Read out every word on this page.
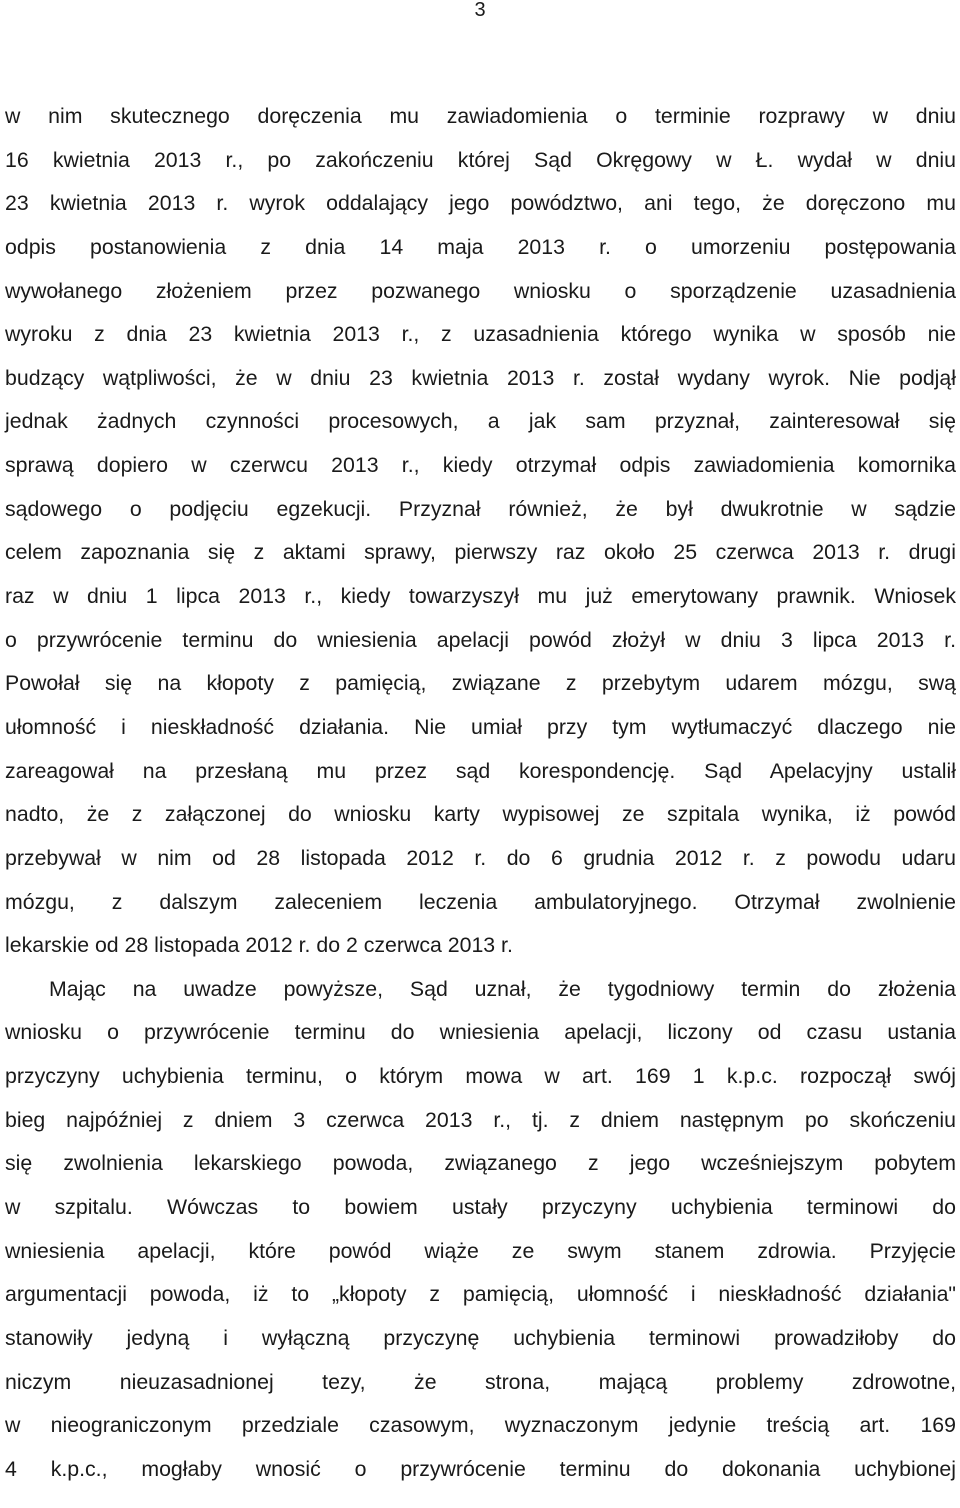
3
w nim skutecznego doręczenia mu zawiadomienia o terminie rozprawy w dniu
16 kwietnia 2013 r., po zakończeniu której Sąd Okręgowy w Ł. wydał w dniu
23 kwietnia 2013 r. wyrok oddalający jego powództwo, ani tego, że doręczono mu
odpis postanowienia z dnia 14 maja 2013 r. o umorzeniu postępowania
wywołanego złożeniem przez pozwanego wniosku o sporządzenie uzasadnienia
wyroku z dnia 23 kwietnia 2013 r., z uzasadnienia którego wynika w sposób nie
budzący wątpliwości, że w dniu 23 kwietnia 2013 r. został wydany wyrok. Nie podjął
jednak żadnych czynności procesowych, a jak sam przyznał, zainteresował się
sprawą dopiero w czerwcu 2013 r., kiedy otrzymał odpis zawiadomienia komornika
sądowego o podjęciu egzekucji. Przyznał również, że był dwukrotnie w sądzie
celem zapoznania się z aktami sprawy, pierwszy raz około 25 czerwca 2013 r. drugi
raz w dniu 1 lipca 2013 r., kiedy towarzyszył mu już emerytowany prawnik. Wniosek
o przywrócenie terminu do wniesienia apelacji powód złożył w dniu 3 lipca 2013 r.
Powołał się na kłopoty z pamięcią, związane z przebytym udarem mózgu, swą
ułomność i nieskładność działania. Nie umiał przy tym wytłumaczyć dlaczego nie
zareagował na przesłaną mu przez sąd korespondencję. Sąd Apelacyjny ustalił
nadto, że z załączonej do wniosku karty wypisowej ze szpitala wynika, iż powód
przebywał w nim od 28 listopada 2012 r. do 6 grudnia 2012 r. z powodu udaru
mózgu, z dalszym zaleceniem leczenia ambulatoryjnego. Otrzymał zwolnienie
lekarskie od 28 listopada 2012 r. do 2 czerwca 2013 r.
Mając na uwadze powyższe, Sąd uznał, że tygodniowy termin do złożenia
wniosku o przywrócenie terminu do wniesienia apelacji, liczony od czasu ustania
przyczyny uchybienia terminu, o którym mowa w art. 169 1 k.p.c. rozpoczął swój
bieg najpóźniej z dniem 3 czerwca 2013 r., tj. z dniem następnym po skończeniu
się zwolnienia lekarskiego powoda, związanego z jego wcześniejszym pobytem
w szpitalu. Wówczas to bowiem ustały przyczyny uchybienia terminowi do
wniesienia apelacji, które powód wiąże ze swym stanem zdrowia. Przyjęcie
argumentacji powoda, iż to „kłopoty z pamięcią, ułomność i nieskładność działania"
stanowiły jedyną i wyłączną przyczynę uchybienia terminowi prowadziłoby do
niczym nieuzasadnionej tezy, że strona, mającą problemy zdrowotne,
w nieograniczonym przedziale czasowym, wyznaczonym jedynie treścią art. 169
4 k.p.c., mogłaby wnosić o przywrócenie terminu do dokonania uchybionej
